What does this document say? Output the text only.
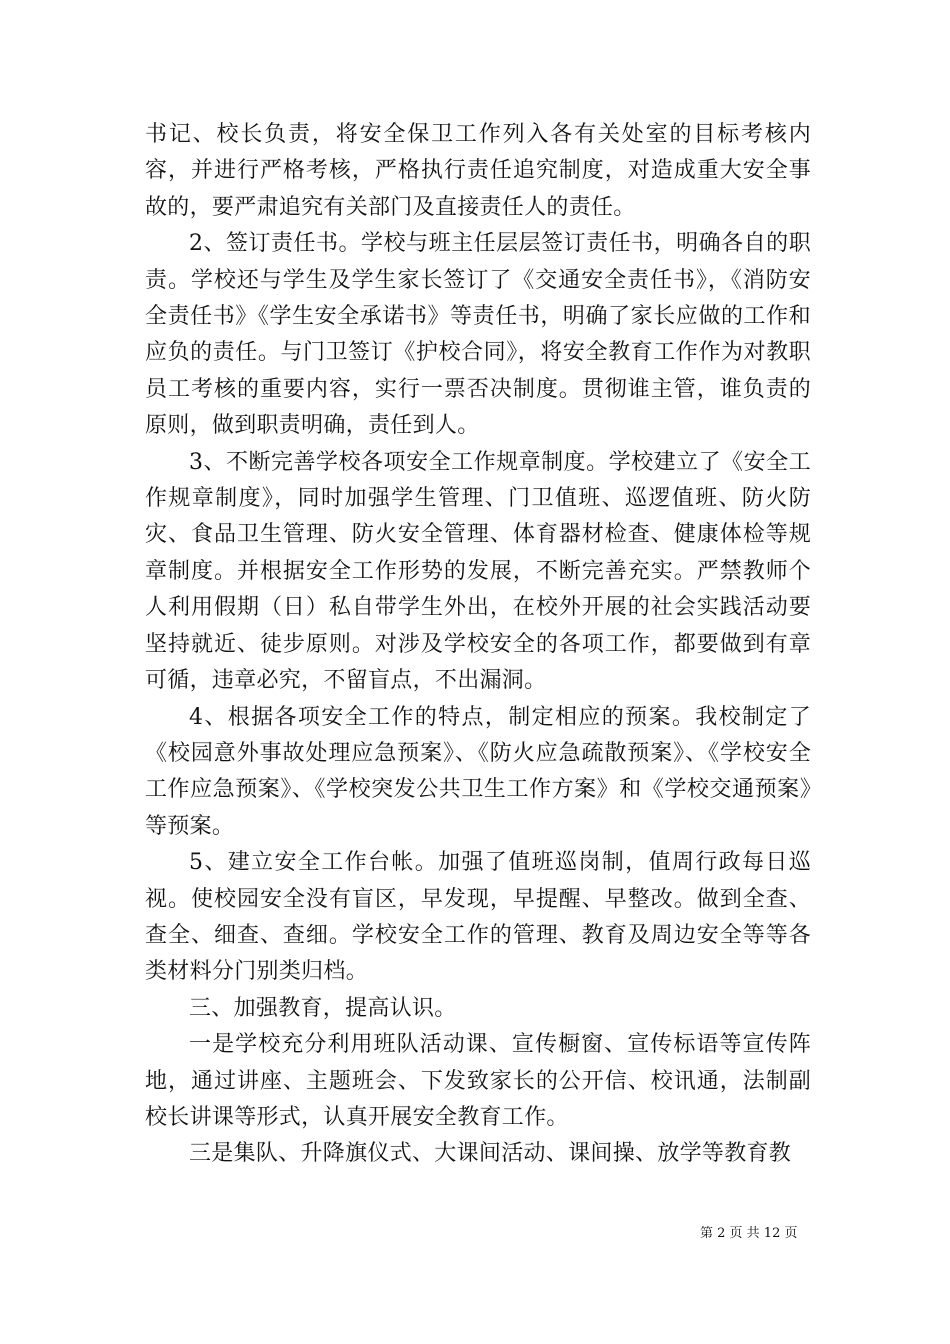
书记、校长负责，将安全保卫工作列入各有关处室的目标考核内容，并进行严格考核，严格执行责任追究制度，对造成重大安全事故的，要严肃追究有关部门及直接责任人的责任。

2、签订责任书。学校与班主任层层签订责任书，明确各自的职责。学校还与学生及学生家长签订了《交通安全责任书》，《消防安全责任书》《学生安全承诺书》等责任书，明确了家长应做的工作和应负的责任。与门卫签订《护校合同》，将安全教育工作作为对教职员工考核的重要内容，实行一票否决制度。贯彻谁主管，谁负责的原则，做到职责明确，责任到人。

3、不断完善学校各项安全工作规章制度。学校建立了《安全工作规章制度》，同时加强学生管理、门卫值班、巡逻值班、防火防灾、食品卫生管理、防火安全管理、体育器材检查、健康体检等规章制度。并根据安全工作形势的发展，不断完善充实。严禁教师个人利用假期（日）私自带学生外出，在校外开展的社会实践活动要坚持就近、徒步原则。对涉及学校安全的各项工作，都要做到有章可循，违章必究，不留盲点，不出漏洞。

4、根据各项安全工作的特点，制定相应的预案。我校制定了《校园意外事故处理应急预案》、《防火应急疏散预案》、《学校安全工作应急预案》、《学校突发公共卫生工作方案》和《学校交通预案》等预案。

5、建立安全工作台帐。加强了值班巡岗制，值周行政每日巡视。使校园安全没有盲区，早发现，早提醒、早整改。做到全查、查全、细查、查细。学校安全工作的管理、教育及周边安全等等各类材料分门别类归档。

三、加强教育，提高认识。

一是学校充分利用班队活动课、宣传橱窗、宣传标语等宣传阵地，通过讲座、主题班会、下发致家长的公开信、校讯通，法制副校长讲课等形式，认真开展安全教育工作。

三是集队、升降旗仪式、大课间活动、课间操、放学等教育教

第 2 页 共 12 页
